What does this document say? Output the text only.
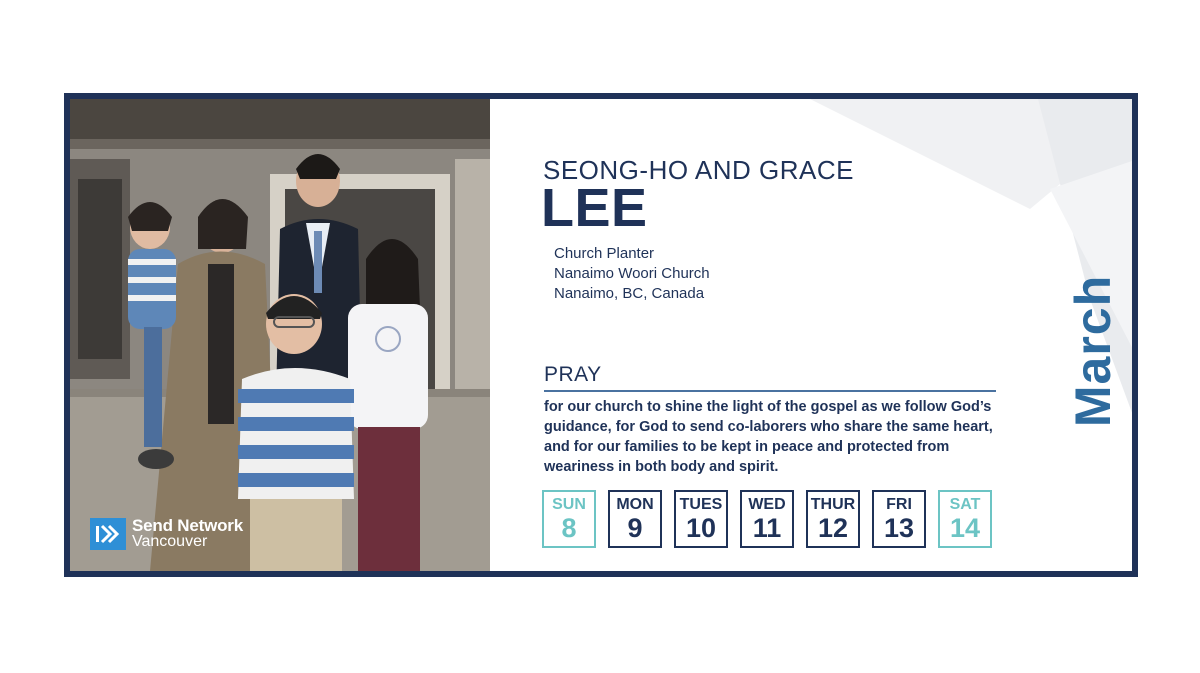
Send Network
Vancouver
SEONG-HO AND GRACE
LEE
Church Planter
Nanaimo Woori Church
Nanaimo, BC, Canada
PRAY
for our church to shine the light of the gospel as we follow God’s guidance, for God to send co-laborers who share the same heart, and for our families to be kept in peace and protected from weariness in both body and spirit.
SUN
8
MON
9
TUES
10
WED
11
THUR
12
FRI
13
SAT
14
March
